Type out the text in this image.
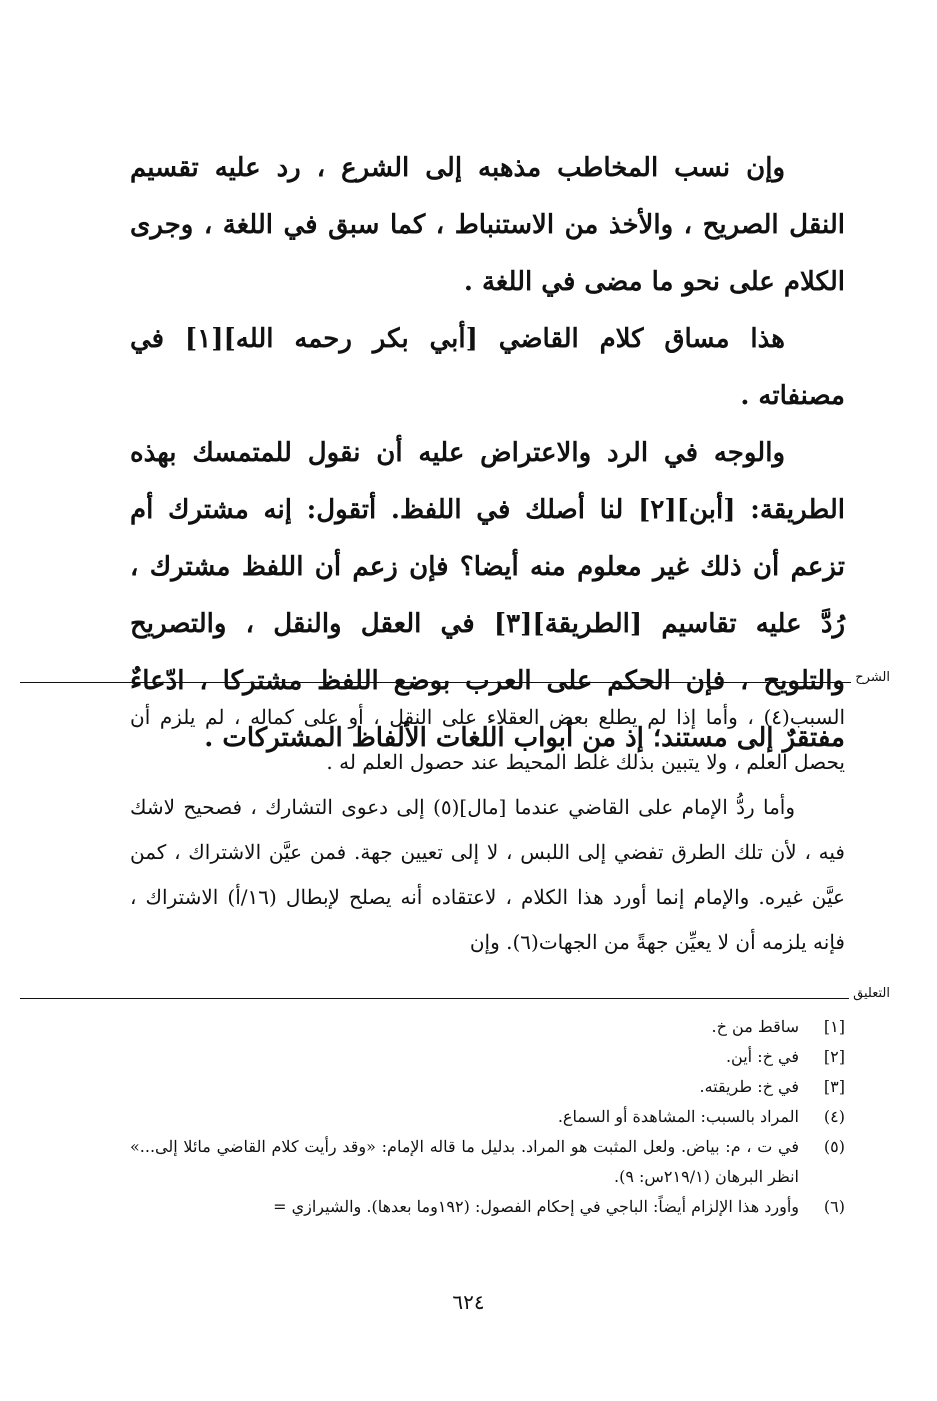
وإن نسب المخاطب مذهبه إلى الشرع ، رد عليه تقسيم النقل الصريح ، والأخذ من الاستنباط ، كما سبق في اللغة ، وجرى الكلام على نحو ما مضى في اللغة .

هذا مساق كلام القاضي [أبي بكر رحمه الله][١] في مصنفاته .

والوجه في الرد والاعتراض عليه أن نقول للمتمسك بهذه الطريقة: [أبن][٢] لنا أصلك في اللفظ. أتقول: إنه مشترك أم تزعم أن ذلك غير معلوم منه أيضا؟ فإن زعم أن اللفظ مشترك ، رُدَّ عليه تقاسيم [الطريقة][٣] في العقل والنقل ، والتصريح والتلويح ، فإن الحكم على العرب بوضع اللفظ مشتركا ، ادّعاءٌ مفتقرٌ إلى مستند؛ إذ من أبواب اللغات الألفاظ المشتركات .

الشرح

السبب(٤) ، وأما إذا لم يطلع بعض العقلاء على النقل ، أو على كماله ، لم يلزم أن يحصل العلم ، ولا يتبين بذلك غلط المحيط عند حصول العلم له .

وأما ردُّ الإمام على القاضي عندما [مال](٥) إلى دعوى التشارك ، فصحيح لاشك فيه ، لأن تلك الطرق تفضي إلى اللبس ، لا إلى تعيين جهة. فمن عيَّن الاشتراك ، كمن عيَّن غيره. والإمام إنما أورد هذا الكلام ، لاعتقاده أنه يصلح لإبطال (١٦/أ) الاشتراك ، فإنه يلزمه أن لا يعيِّن جهةً من الجهات(٦). وإن

التعليق
[١]
ساقط من خ.
[٢]
في خ: أين.
[٣]
في خ: طريقته.
(٤)
المراد بالسبب: المشاهدة أو السماع.
(٥)
في ت ، م: بياض. ولعل المثبت هو المراد. بدليل ما قاله الإمام: «وقد رأيت كلام القاضي مائلا إلى...» انظر البرهان (٢١٩/١س: ٩).
(٦)
وأورد هذا الإلزام أيضاً: الباجي في إحكام الفصول: (١٩٢وما بعدها). والشيرازي =
٦٢٤
